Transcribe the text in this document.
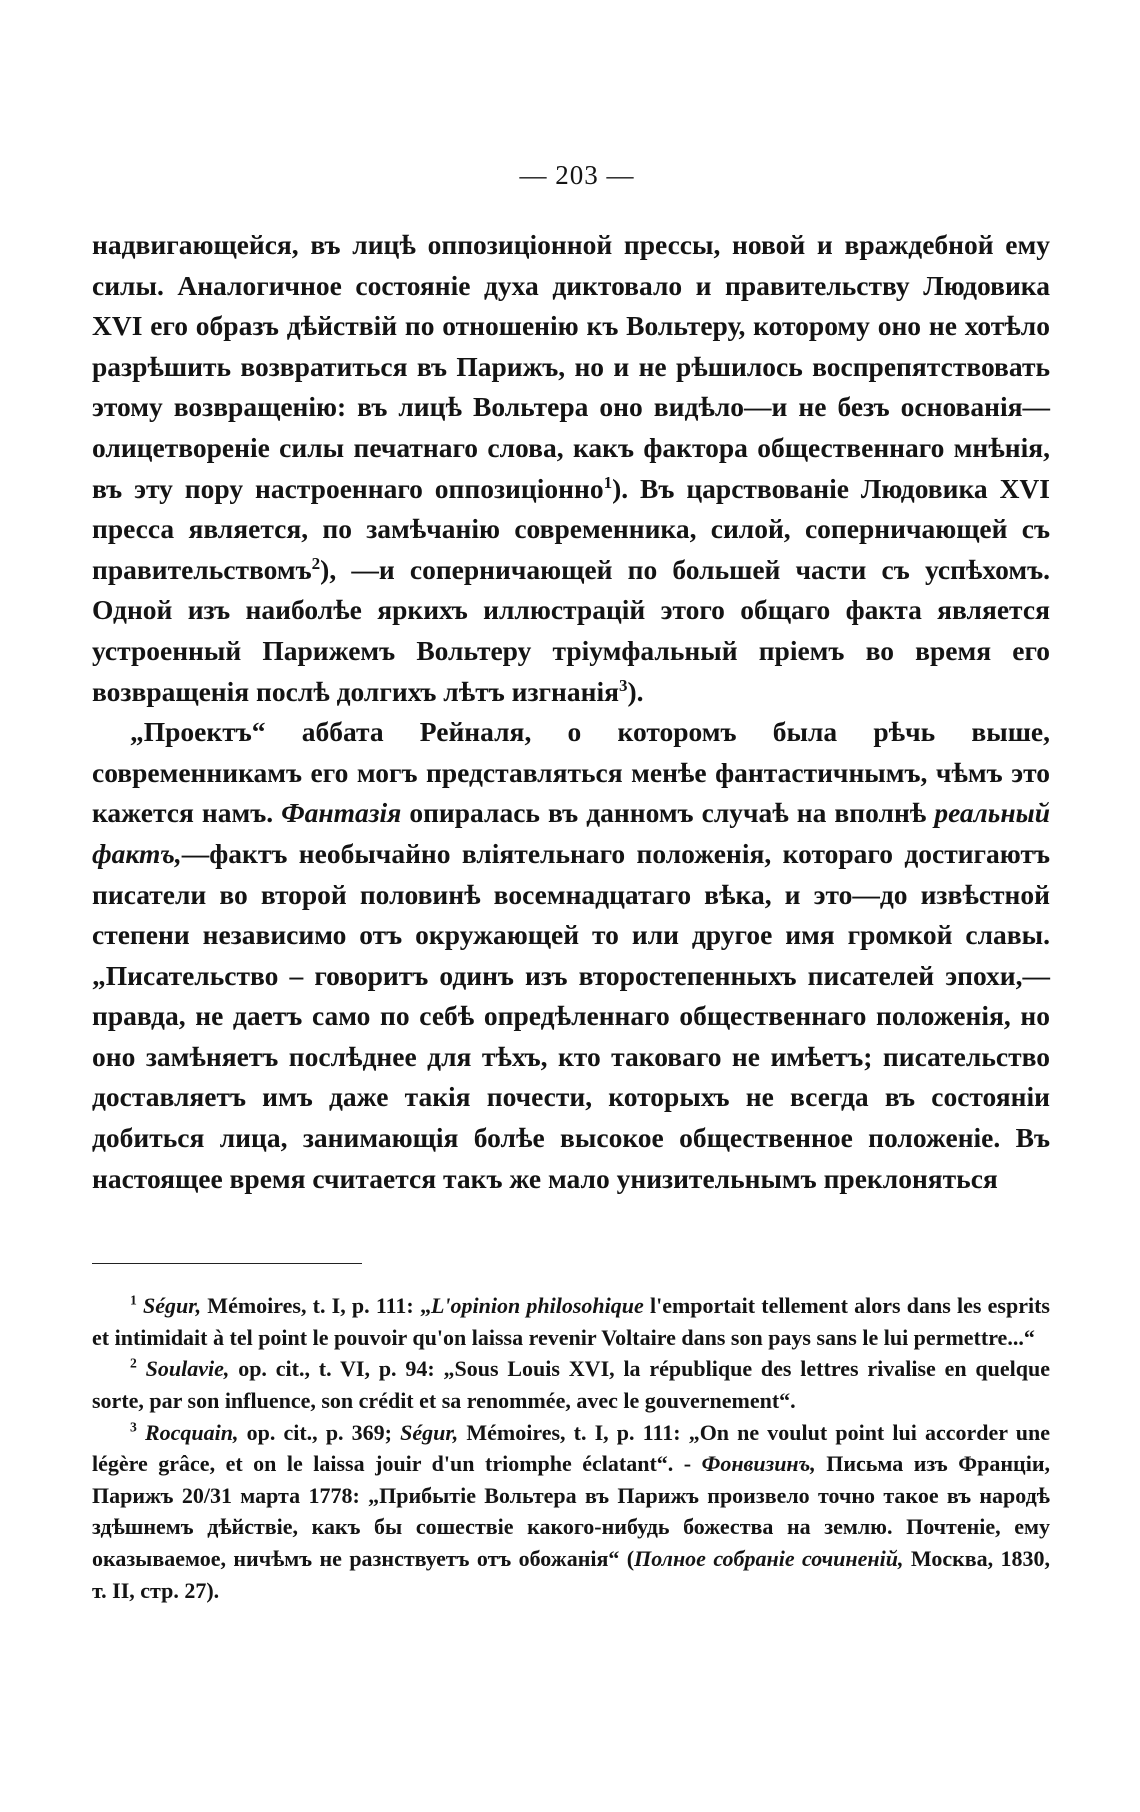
— 203 —

надвигающейся, въ лицѣ оппозиціонной прессы, новой и враждебной ему силы. Аналогичное состояніе духа диктовало и правительству Людовика XVI его образъ дѣйствій по отношенію къ Вольтеру, которому оно не хотѣло разрѣшить возвратиться въ Парижъ, но и не рѣшилось воспрепятствовать этому возвращенію: въ лицѣ Вольтера оно видѣло—и не безъ основанія—олицетвореніе силы печатнаго слова, какъ фактора общественнаго мнѣнія, въ эту пору настроеннаго оппозиціонно$^1$). Въ царствованіе Людовика XVI пресса является, по замѣчанію современника, силой, соперничающей съ правительствомъ$^2$), —и соперничающей по большей части съ успѣхомъ. Одной изъ наиболѣе яркихъ иллюстрацій этого общаго факта является устроенный Парижемъ Вольтеру тріумфальный пріемъ во время его возвращенія послѣ долгихъ лѣтъ изгнанія$^3$).

„Проектъ“ аббата Рейналя, о которомъ была рѣчь выше, современникамъ его могъ представляться менѣе фантастичнымъ, чѣмъ это кажется намъ. Фантазія опиралась въ данномъ случаѣ на вполнѣ реальный фактъ,—фактъ необычайно вліятельнаго положенія, котораго достигаютъ писатели во второй половинѣ восемнадцатаго вѣка, и это—до извѣстной степени независимо отъ окружающей то или другое имя громкой славы. „Писательство – говоритъ одинъ изъ второстепенныхъ писателей эпохи,—правда, не даетъ само по себѣ опредѣленнаго общественнаго положенія, но оно замѣняетъ послѣднее для тѣхъ, кто таковаго не имѣетъ; писательство доставляетъ имъ даже такія почести, которыхъ не всегда въ состояніи добиться лица, занимающія болѣе высокое общественное положеніе. Въ настоящее время считается такъ же мало унизительнымъ преклоняться

$^1$ Ségur, Mémoires, t. I, p. 111: „L'opinion philosohique l'emportait tellement alors dans les esprits et intimidait à tel point le pouvoir qu'on laissa revenir Voltaire dans son pays sans le lui permettre...“

$^2$ Soulavie, op. cit., t. VI, p. 94: „Sous Louis XVI, la république des lettres rivalise en quelque sorte, par son influence, son crédit et sa renommée, avec le gouvernement“.

$^3$ Rocquain, op. cit., p. 369; Ségur, Mémoires, t. I, p. 111: „On ne voulut point lui accorder une légère grâce, et on le laissa jouir d'un triomphe éclatant“. - Фонвизинъ, Письма изъ Франціи, Парижъ 20/31 марта 1778: „Прибытіе Вольтера въ Парижъ произвело точно такое въ народѣ здѣшнемъ дѣйствіе, какъ бы сошествіе какого-нибудь божества на землю. Почтеніе, ему оказываемое, ничѣмъ не разнствуетъ отъ обожанія“ (Полное собраніе сочиненій, Москва, 1830, т. II, стр. 27).
